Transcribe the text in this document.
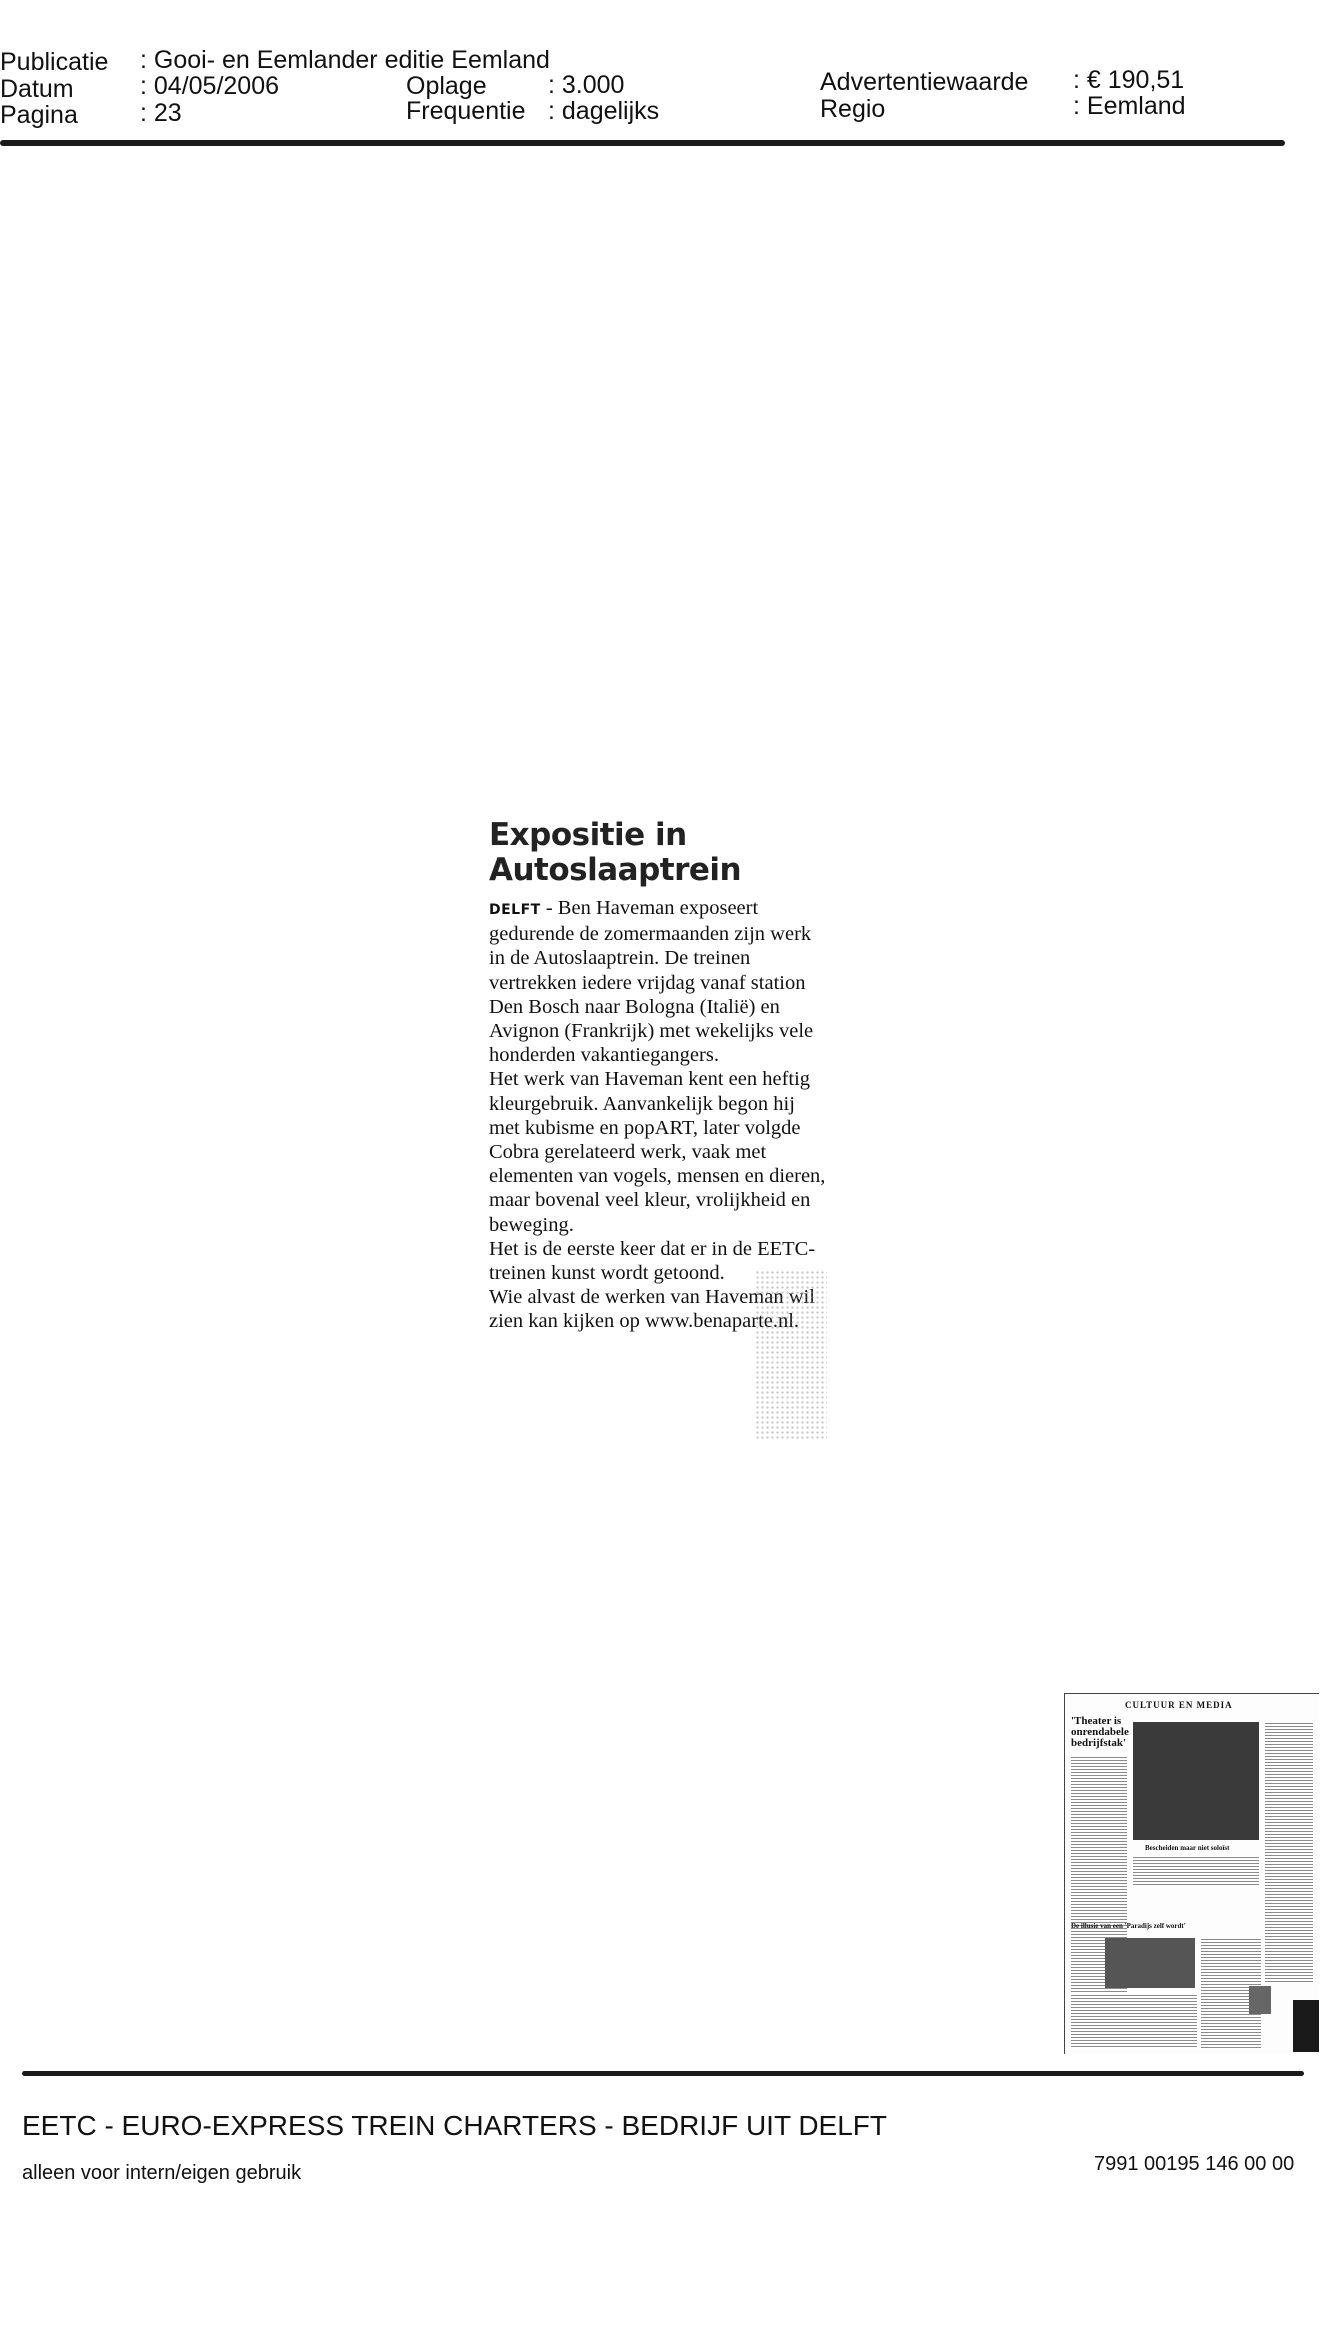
Publicatie : Gooi- en Eemlander editie Eemland
Datum	: 04/05/2006
Pagina : 23
Oplage : 3.000
Frequentie : dagelijks
Advertentiewaarde : € 190,51
Regio	: Eemland
Expositie in
Autoslaaptrein

DELFT - Ben Haveman exposeert gedurende de zomermaanden zijn werk in de Autoslaaptrein. De treinen vertrekken iedere vrijdag vanaf station Den Bosch naar Bologna (Italië) en Avignon (Frankrijk) met wekelijks vele honderden vakantiegangers.

Het werk van Haveman kent een heftig kleurgebruik. Aanvankelijk begon hij met kubisme en popART, later volgde Cobra gerelateerd werk, vaak met elementen van vogels, mensen en dieren, maar bovenal veel kleur, vrolijkheid en beweging.

Het is de eerste keer dat er in de EETC-treinen kunst wordt getoond.

Wie alvast de werken van Haveman wil zien kan kijken op www.benaparte.nl.

CULTUUR EN MEDIA
'Theater is onrendabele bedrijfstak'
Bescheiden maar niet soloïst
De illusie van een 'Paradijs zelf wordt'
EETC - EURO-EXPRESS TREIN CHARTERS - BEDRIJF UIT DELFT
alleen voor intern/eigen gebruik	7991 00195 146 00 00
